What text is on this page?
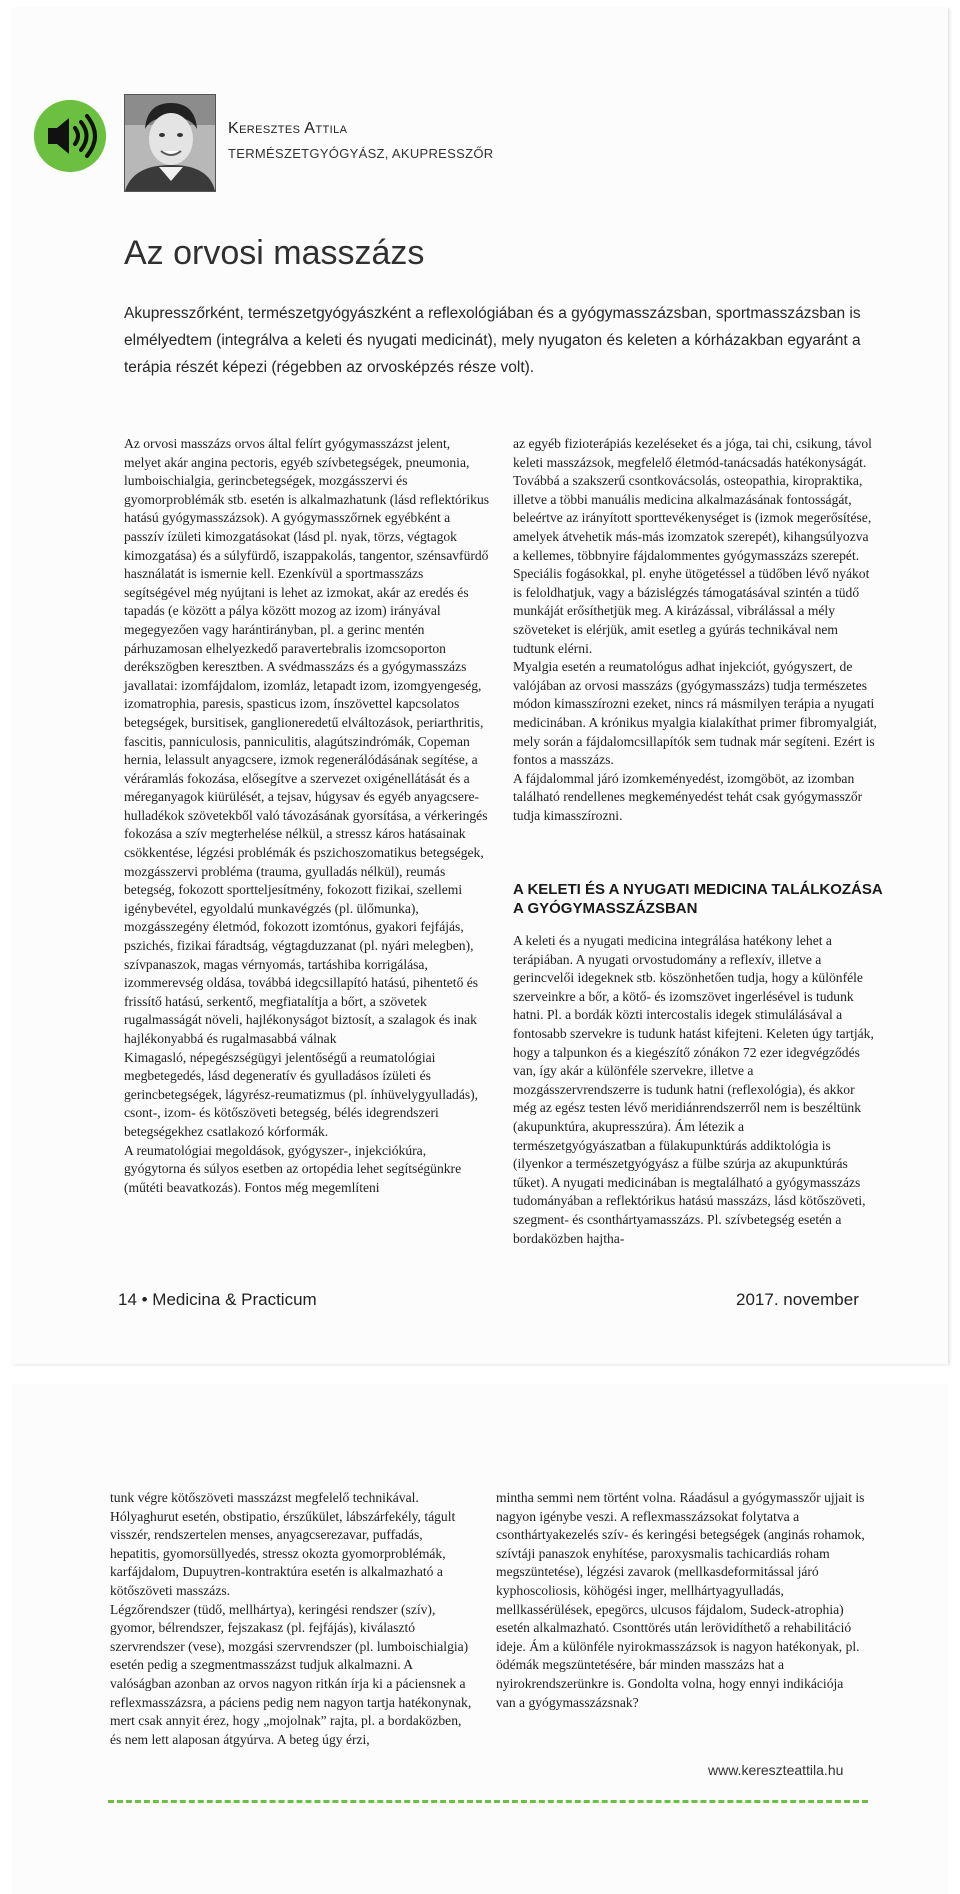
Keresztes Attila
TERMÉSZETGYÓGYÁSZ, AKUPRESSZŐR
Az orvosi masszázs

Akupresszőrként, természetgyógyászként a reflexológiában és a gyógymasszázsban, sportmasszázsban is elmélyedtem (integrálva a keleti és nyugati medicinát), mely nyugaton és keleten a kórházakban egyaránt a terápia részét képezi (régebben az orvosképzés része volt).

Az orvosi masszázs orvos által felírt gyógymasszázst jelent, melyet akár angina pectoris, egyéb szívbetegségek, pneumonia, lumboischialgia, gerincbetegségek, mozgásszervi és gyomorproblémák stb. esetén is alkalmazhatunk (lásd reflektórikus hatású gyógymasszázsok). A gyógymasszőrnek egyébként a passzív ízületi kimozgatásokat (lásd pl. nyak, törzs, végtagok kimozgatása) és a súlyfürdő, iszappakolás, tangentor, szénsavfürdő használatát is ismernie kell. Ezenkívül a sportmasszázs segítségével még nyújtani is lehet az izmokat, akár az eredés és tapadás (e között a pálya között mozog az izom) irányával megegyezően vagy harántirányban, pl. a gerinc mentén párhuzamosan elhelyezkedő paravertebralis izomcsoporton derékszögben keresztben. A svédmasszázs és a gyógymasszázs javallatai: izomfájdalom, izomláz, letapadt izom, izomgyengeség, izomatrophia, paresis, spasticus izom, ínszövettel kapcsolatos betegségek, bursitisek, ganglioneredetű elváltozások, periarthritis, fascitis, panniculosis, panniculitis, alagútszindrómák, Copeman hernia, lelassult anyagcsere, izmok regenerálódásának segítése, a véráramlás fokozása, elősegítve a szervezet oxigénellátását és a méreganyagok kiürülését, a tejsav, húgysav és egyéb anyagcsere-hulladékok szövetekből való távozásának gyorsítása, a vérkeringés fokozása a szív megterhelése nélkül, a stressz káros hatásainak csökkentése, légzési problémák és pszichoszomatikus betegségek, mozgásszervi probléma (trauma, gyulladás nélkül), reumás betegség, fokozott sportteljesítmény, fokozott fizikai, szellemi igénybevétel, egyoldalú munkavégzés (pl. ülőmunka), mozgásszegény életmód, fokozott izomtónus, gyakori fejfájás, pszichés, fizikai fáradtság, végtagduzzanat (pl. nyári melegben), szívpanaszok, magas vérnyomás, tartáshiba korrigálása, izommerevség oldása, továbbá idegcsillapító hatású, pihentető és frissítő hatású, serkentő, megfiatalítja a bőrt, a szövetek rugalmasságát növeli, hajlékonyságot biztosít, a szalagok és inak hajlékonyabbá és rugalmasabbá válnak

Kimagasló, népegészségügyi jelentőségű a reumatológiai megbetegedés, lásd degeneratív és gyulladásos ízületi és gerincbetegségek, lágyrész-reumatizmus (pl. ínhüvelygyulladás), csont-, izom- és kötőszöveti betegség, bélés idegrendszeri betegségekhez csatlakozó kórformák.

A reumatológiai megoldások, gyógyszer-, injekciókúra, gyógytorna és súlyos esetben az ortopédia lehet segítségünkre (műtéti beavatkozás). Fontos még megemlíteni

az egyéb fizioterápiás kezeléseket és a jóga, tai chi, csikung, távol keleti masszázsok, megfelelő életmód-tanácsadás hatékonyságát. Továbbá a szakszerű csontkovácsolás, osteopathia, kiropraktika, illetve a többi manuális medicina alkalmazásának fontosságát, beleértve az irányított sporttevékenységet is (izmok megerősítése, amelyek átvehetik más-más izomzatok szerepét), kihangsúlyozva a kellemes, többnyire fájdalommentes gyógymasszázs szerepét. Speciális fogásokkal, pl. enyhe ütögetéssel a tüdőben lévő nyákot is feloldhatjuk, vagy a bázislégzés támogatásával szintén a tüdő munkáját erősíthetjük meg. A kirázással, vibrálással a mély szöveteket is elérjük, amit esetleg a gyúrás technikával nem tudtunk elérni.

Myalgia esetén a reumatológus adhat injekciót, gyógyszert, de valójában az orvosi masszázs (gyógymasszázs) tudja természetes módon kimasszírozni ezeket, nincs rá másmilyen terápia a nyugati medicinában. A krónikus myalgia kialakíthat primer fibromyalgiát, mely során a fájdalomcsillapítók sem tudnak már segíteni. Ezért is fontos a masszázs.

A fájdalommal járó izomkeményedést, izomgöböt, az izomban található rendellenes megkeményedést tehát csak gyógymasszőr tudja kimasszírozni.

A KELETI ÉS A NYUGATI MEDICINA TALÁLKOZÁSA A GYÓGYMASSZÁZSBAN

A keleti és a nyugati medicina integrálása hatékony lehet a terápiában. A nyugati orvostudomány a reflexív, illetve a gerincvelői idegeknek stb. köszönhetően tudja, hogy a különféle szerveinkre a bőr, a kötő- és izomszövet ingerlésével is tudunk hatni. Pl. a bordák közti intercostalis idegek stimulálásával a fontosabb szervekre is tudunk hatást kifejteni. Keleten úgy tartják, hogy a talpunkon és a kiegészítő zónákon 72 ezer idegvégződés van, így akár a különféle szervekre, illetve a mozgásszervrendszerre is tudunk hatni (reflexológia), és akkor még az egész testen lévő meridiánrendszerről nem is beszéltünk (akupunktúra, akupresszúra). Ám létezik a természetgyógyászatban a fülakupunktúrás addiktológia is (ilyenkor a természetgyógyász a fülbe szúrja az akupunktúrás tűket). A nyugati medicinában is megtalálható a gyógymasszázs tudományában a reflektórikus hatású masszázs, lásd kötőszöveti, szegment- és csonthártyamasszázs. Pl. szívbetegség esetén a bordaközben hajtha-

14 • Medicina & Practicum	2017. november

tunk végre kötőszöveti masszázst megfelelő technikával. Hólyaghurut esetén, obstipatio, érszűkület, lábszárfekély, tágult visszér, rendszertelen menses, anyagcserezavar, puffadás, hepatitis, gyomorsüllyedés, stressz okozta gyomorproblémák, karfájdalom, Dupuytren-kontraktúra esetén is alkalmazható a kötőszöveti masszázs.

Légzőrendszer (tüdő, mellhártya), keringési rendszer (szív), gyomor, bélrendszer, fejszakasz (pl. fejfájás), kiválasztó szervrendszer (vese), mozgási szervrendszer (pl. lumboischialgia) esetén pedig a szegmentmasszázst tudjuk alkalmazni. A valóságban azonban az orvos nagyon ritkán írja ki a páciensnek a reflexmasszázsra, a páciens pedig nem nagyon tartja hatékonynak, mert csak annyit érez, hogy „mojolnak” rajta, pl. a bordaközben, és nem lett alaposan átgyúrva. A beteg úgy érzi,

mintha semmi nem történt volna. Ráadásul a gyógymasszőr ujjait is nagyon igénybe veszi. A reflexmasszázsokat folytatva a csonthártyakezelés szív- és keringési betegségek (anginás rohamok, szívtáji panaszok enyhítése, paroxysmalis tachicardiás roham megszüntetése), légzési zavarok (mellkasdeformitással járó kyphoscoliosis, köhögési inger, mellhártyagyulladás, mellkassérülések, epegörcs, ulcusos fájdalom, Sudeck-atrophia) esetén alkalmazható. Csonttörés után lerövidíthető a rehabilitáció ideje. Ám a különféle nyirokmasszázsok is nagyon hatékonyak, pl. ödémák megszüntetésére, bár minden masszázs hat a nyirokrendszerünkre is. Gondolta volna, hogy ennyi indikációja van a gyógymasszázsnak?

www.kereszteattila.hu
